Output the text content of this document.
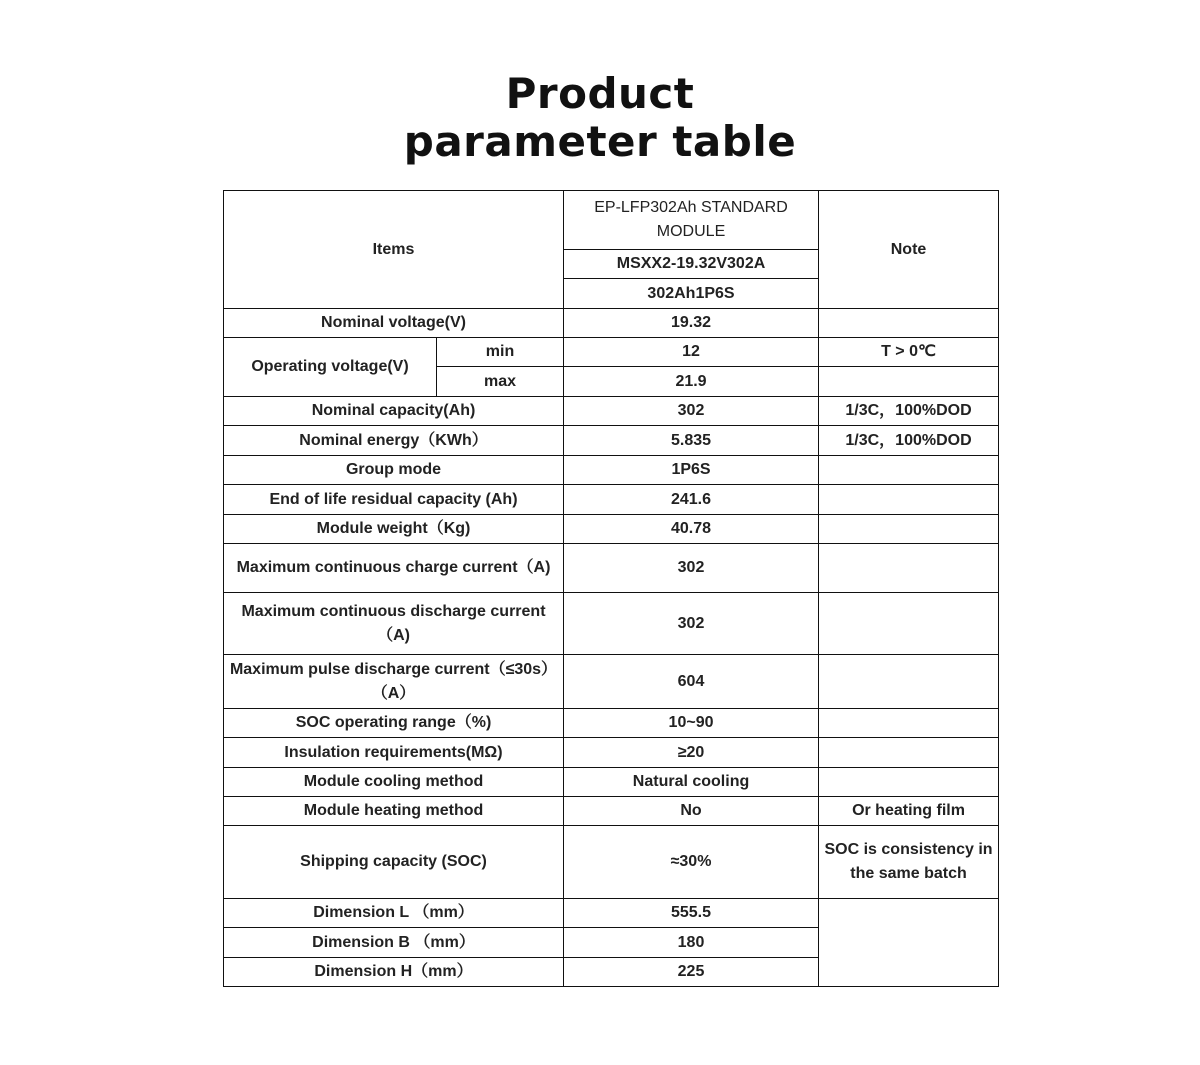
Product
parameter table
Items		EP-LFP302Ah STANDARD MODULE	Note
		MSXX2-19.32V302A	
		302Ah1P6S	
Nominal voltage(V)		19.32	
Operating voltage(V)	min	12	T > 0℃
	max	21.9	
Nominal capacity(Ah)		302	1/3C，100%DOD
Nominal energy（KWh）		5.835	1/3C，100%DOD
Group mode		1P6S	
End of life residual capacity (Ah)		241.6	
Module weight（Kg)		40.78	
Maximum continuous charge current（A)		302	
Maximum continuous discharge current（A)		302	
Maximum pulse discharge current（≤30s）（A）		604	
SOC operating range（%)		10~90	
Insulation requirements(MΩ)		≥20	
Module cooling method		Natural cooling	
Module heating method		No	Or heating film
Shipping capacity (SOC)		≈30%	SOC is consistency in the same batch
Dimension L （mm）		555.5	
Dimension B （mm）		180	
Dimension H（mm）		225	
